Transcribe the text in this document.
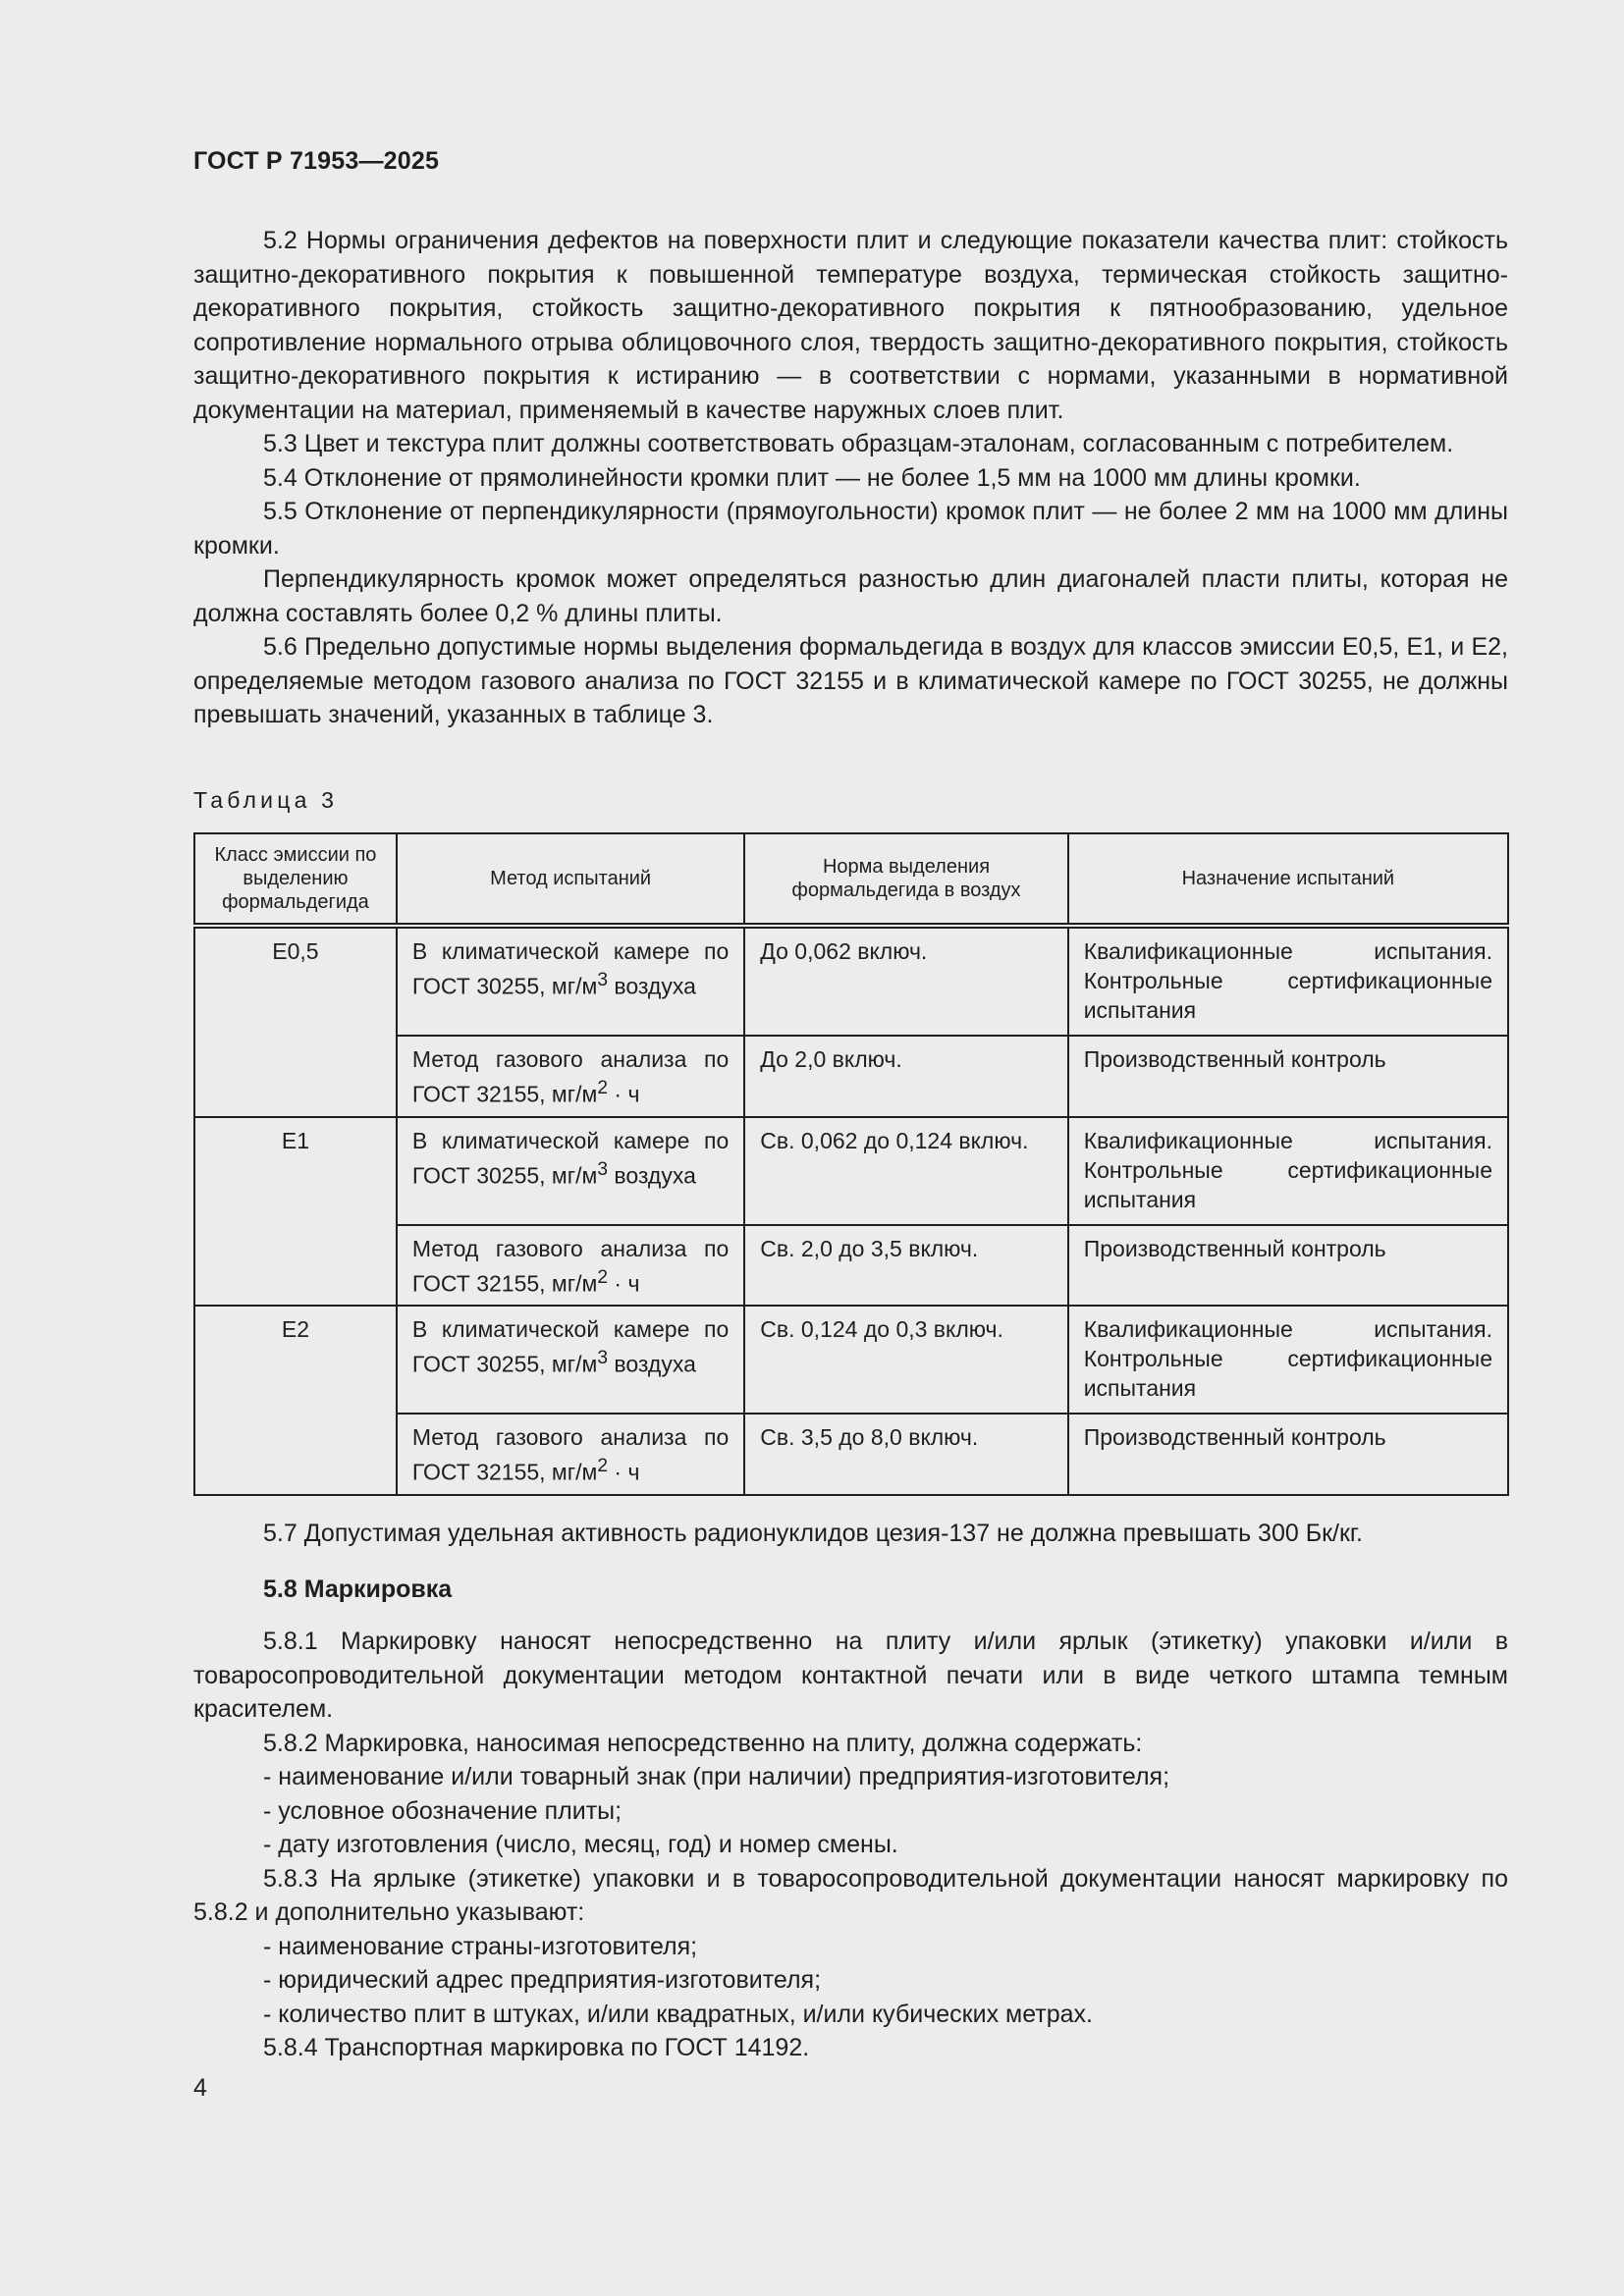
ГОСТ Р 71953—2025

5.2 Нормы ограничения дефектов на поверхности плит и следующие показатели качества плит: стойкость защитно-декоративного покрытия к повышенной температуре воздуха, термическая стойкость защитно-декоративного покрытия, стойкость защитно-декоративного покрытия к пятнообразованию, удельное сопротивление нормального отрыва облицовочного слоя, твердость защитно-декоративного покрытия, стойкость защитно-декоративного покрытия к истиранию — в соответствии с нормами, указанными в нормативной документации на материал, применяемый в качестве наружных слоев плит.

5.3 Цвет и текстура плит должны соответствовать образцам-эталонам, согласованным с потребителем.

5.4 Отклонение от прямолинейности кромки плит — не более 1,5 мм на 1000 мм длины кромки.

5.5 Отклонение от перпендикулярности (прямоугольности) кромок плит — не более 2 мм на 1000 мм длины кромки.

Перпендикулярность кромок может определяться разностью длин диагоналей пласти плиты, которая не должна составлять более 0,2 % длины плиты.

5.6 Предельно допустимые нормы выделения формальдегида в воздух для классов эмиссии Е0,5, Е1, и Е2, определяемые методом газового анализа по ГОСТ 32155 и в климатической камере по ГОСТ 30255, не должны превышать значений, указанных в таблице 3.

Таблица 3
Класс эмиссии по выделению формальдегида	Метод испытаний	Норма выделения формальдегида в воздух	Назначение испытаний
Е0,5	В климатической камере по ГОСТ 30255, $мг/м^3$ воздуха	До 0,062 включ.	Квалификационные испытания. Контрольные сертификационные испытания
	Метод газового анализа по ГОСТ 32155, $мг/м^2 \cdot ч$	До 2,0 включ.	Производственный контроль
Е1	В климатической камере по ГОСТ 30255, $мг/м^3$ воздуха	Св. 0,062 до 0,124 включ.	Квалификационные испытания. Контрольные сертификационные испытания
	Метод газового анализа по ГОСТ 32155, $мг/м^2 \cdot ч$	Св. 2,0 до 3,5 включ.	Производственный контроль
Е2	В климатической камере по ГОСТ 30255, $мг/м^3$ воздуха	Св. 0,124 до 0,3 включ.	Квалификационные испытания. Контрольные сертификационные испытания
	Метод газового анализа по ГОСТ 32155, $мг/м^2 \cdot ч$	Св. 3,5 до 8,0 включ.	Производственный контроль

5.7 Допустимая удельная активность радионуклидов цезия-137 не должна превышать 300 Бк/кг.

5.8 Маркировка

5.8.1 Маркировку наносят непосредственно на плиту и/или ярлык (этикетку) упаковки и/или в товаросопроводительной документации методом контактной печати или в виде четкого штампа темным красителем.

5.8.2 Маркировка, наносимая непосредственно на плиту, должна содержать:

- наименование и/или товарный знак (при наличии) предприятия-изготовителя;

- условное обозначение плиты;

- дату изготовления (число, месяц, год) и номер смены.

5.8.3 На ярлыке (этикетке) упаковки и в товаросопроводительной документации наносят маркировку по 5.8.2 и дополнительно указывают:

- наименование страны-изготовителя;

- юридический адрес предприятия-изготовителя;

- количество плит в штуках, и/или квадратных, и/или кубических метрах.

5.8.4 Транспортная маркировка по ГОСТ 14192.

4
